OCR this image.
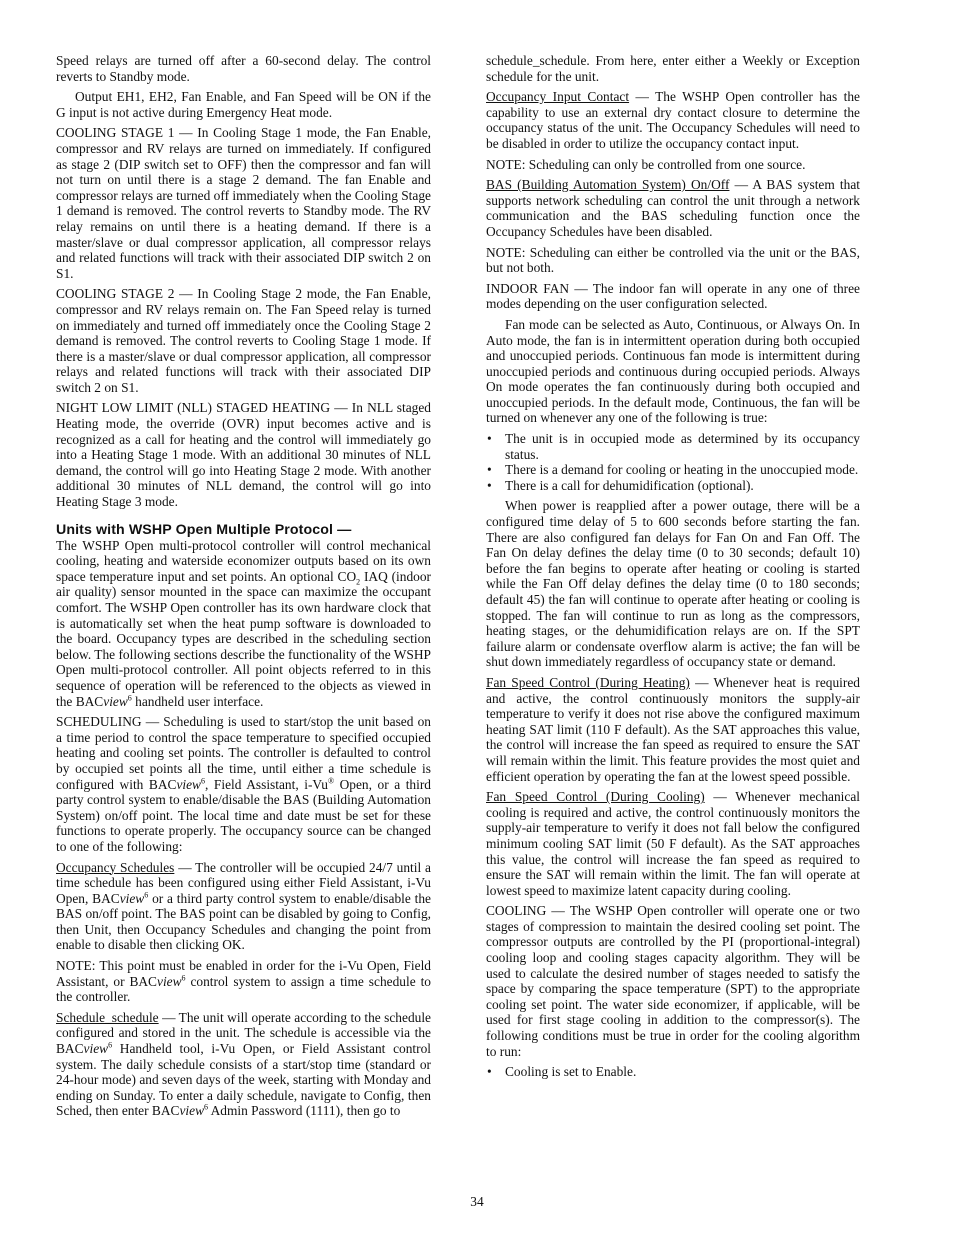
Speed relays are turned off after a 60-second delay. The control reverts to Standby mode.

Output EH1, EH2, Fan Enable, and Fan Speed will be ON if the G input is not active during Emergency Heat mode.

COOLING STAGE 1 — In Cooling Stage 1 mode, the Fan Enable, compressor and RV relays are turned on immediately. If configured as stage 2 (DIP switch set to OFF) then the compressor and fan will not turn on until there is a stage 2 demand. The fan Enable and compressor relays are turned off immediately when the Cooling Stage 1 demand is removed. The control reverts to Standby mode. The RV relay remains on until there is a heating demand. If there is a master/slave or dual compressor application, all compressor relays and related functions will track with their associated DIP switch 2 on S1.

COOLING STAGE 2 — In Cooling Stage 2 mode, the Fan Enable, compressor and RV relays remain on. The Fan Speed relay is turned on immediately and turned off immediately once the Cooling Stage 2 demand is removed. The control reverts to Cooling Stage 1 mode. If there is a master/slave or dual compressor application, all compressor relays and related functions will track with their associated DIP switch 2 on S1.

NIGHT LOW LIMIT (NLL) STAGED HEATING — In NLL staged Heating mode, the override (OVR) input becomes active and is recognized as a call for heating and the control will immediately go into a Heating Stage 1 mode. With an additional 30 minutes of NLL demand, the control will go into Heating Stage 2 mode. With another additional 30 minutes of NLL demand, the control will go into Heating Stage 3 mode.

Units with WSHP Open Multiple Protocol —

The WSHP Open multi-protocol controller will control mechanical cooling, heating and waterside economizer outputs based on its own space temperature input and set points. An optional $CO_2$ IAQ (indoor air quality) sensor mounted in the space can maximize the occupant comfort. The WSHP Open controller has its own hardware clock that is automatically set when the heat pump software is downloaded to the board. Occupancy types are described in the scheduling section below. The following sections describe the functionality of the WSHP Open multi-protocol controller. All point objects referred to in this sequence of operation will be referenced to the objects as viewed in the BACview$^6$ handheld user interface.

SCHEDULING — Scheduling is used to start/stop the unit based on a time period to control the space temperature to specified occupied heating and cooling set points. The controller is defaulted to control by occupied set points all the time, until either a time schedule is configured with BACview$^6$, Field Assistant, i-Vu® Open, or a third party control system to enable/disable the BAS (Building Automation System) on/off point. The local time and date must be set for these functions to operate properly. The occupancy source can be changed to one of the following:

Occupancy Schedules — The controller will be occupied 24/7 until a time schedule has been configured using either Field Assistant, i-Vu Open, BACview$^6$ or a third party control system to enable/disable the BAS on/off point. The BAS point can be disabled by going to Config, then Unit, then Occupancy Schedules and changing the point from enable to disable then clicking OK.

NOTE: This point must be enabled in order for the i-Vu Open, Field Assistant, or BACview$^6$ control system to assign a time schedule to the controller.

Schedule_schedule — The unit will operate according to the schedule configured and stored in the unit. The schedule is accessible via the BACview$^6$ Handheld tool, i-Vu Open, or Field Assistant control system. The daily schedule consists of a start/stop time (standard or 24-hour mode) and seven days of the week, starting with Monday and ending on Sunday. To enter a daily schedule, navigate to Config, then Sched, then enter BACview$^6$ Admin Password (1111), then go to

schedule_schedule. From here, enter either a Weekly or Exception schedule for the unit.

Occupancy Input Contact — The WSHP Open controller has the capability to use an external dry contact closure to determine the occupancy status of the unit. The Occupancy Schedules will need to be disabled in order to utilize the occupancy contact input.

NOTE: Scheduling can only be controlled from one source.

BAS (Building Automation System) On/Off — A BAS system that supports network scheduling can control the unit through a network communication and the BAS scheduling function once the Occupancy Schedules have been disabled.

NOTE: Scheduling can either be controlled via the unit or the BAS, but not both.

INDOOR FAN — The indoor fan will operate in any one of three modes depending on the user configuration selected.

Fan mode can be selected as Auto, Continuous, or Always On. In Auto mode, the fan is in intermittent operation during both occupied and unoccupied periods. Continuous fan mode is intermittent during unoccupied periods and continuous during occupied periods. Always On mode operates the fan continuously during both occupied and unoccupied periods. In the default mode, Continuous, the fan will be turned on whenever any one of the following is true:

• The unit is in occupied mode as determined by its occupancy status.
• There is a demand for cooling or heating in the unoccupied mode.
• There is a call for dehumidification (optional).

When power is reapplied after a power outage, there will be a configured time delay of 5 to 600 seconds before starting the fan. There are also configured fan delays for Fan On and Fan Off. The Fan On delay defines the delay time (0 to 30 seconds; default 10) before the fan begins to operate after heating or cooling is started while the Fan Off delay defines the delay time (0 to 180 seconds; default 45) the fan will continue to operate after heating or cooling is stopped. The fan will continue to run as long as the compressors, heating stages, or the dehumidification relays are on. If the SPT failure alarm or condensate overflow alarm is active; the fan will be shut down immediately regardless of occupancy state or demand.

Fan Speed Control (During Heating) — Whenever heat is required and active, the control continuously monitors the supply-air temperature to verify it does not rise above the configured maximum heating SAT limit (110 F default). As the SAT approaches this value, the control will increase the fan speed as required to ensure the SAT will remain within the limit. This feature provides the most quiet and efficient operation by operating the fan at the lowest speed possible.

Fan Speed Control (During Cooling) — Whenever mechanical cooling is required and active, the control continuously monitors the supply-air temperature to verify it does not fall below the configured minimum cooling SAT limit (50 F default). As the SAT approaches this value, the control will increase the fan speed as required to ensure the SAT will remain within the limit. The fan will operate at lowest speed to maximize latent capacity during cooling.

COOLING — The WSHP Open controller will operate one or two stages of compression to maintain the desired cooling set point. The compressor outputs are controlled by the PI (proportional-integral) cooling loop and cooling stages capacity algorithm. They will be used to calculate the desired number of stages needed to satisfy the space by comparing the space temperature (SPT) to the appropriate cooling set point. The water side economizer, if applicable, will be used for first stage cooling in addition to the compressor(s). The following conditions must be true in order for the cooling algorithm to run:

• Cooling is set to Enable.
34
